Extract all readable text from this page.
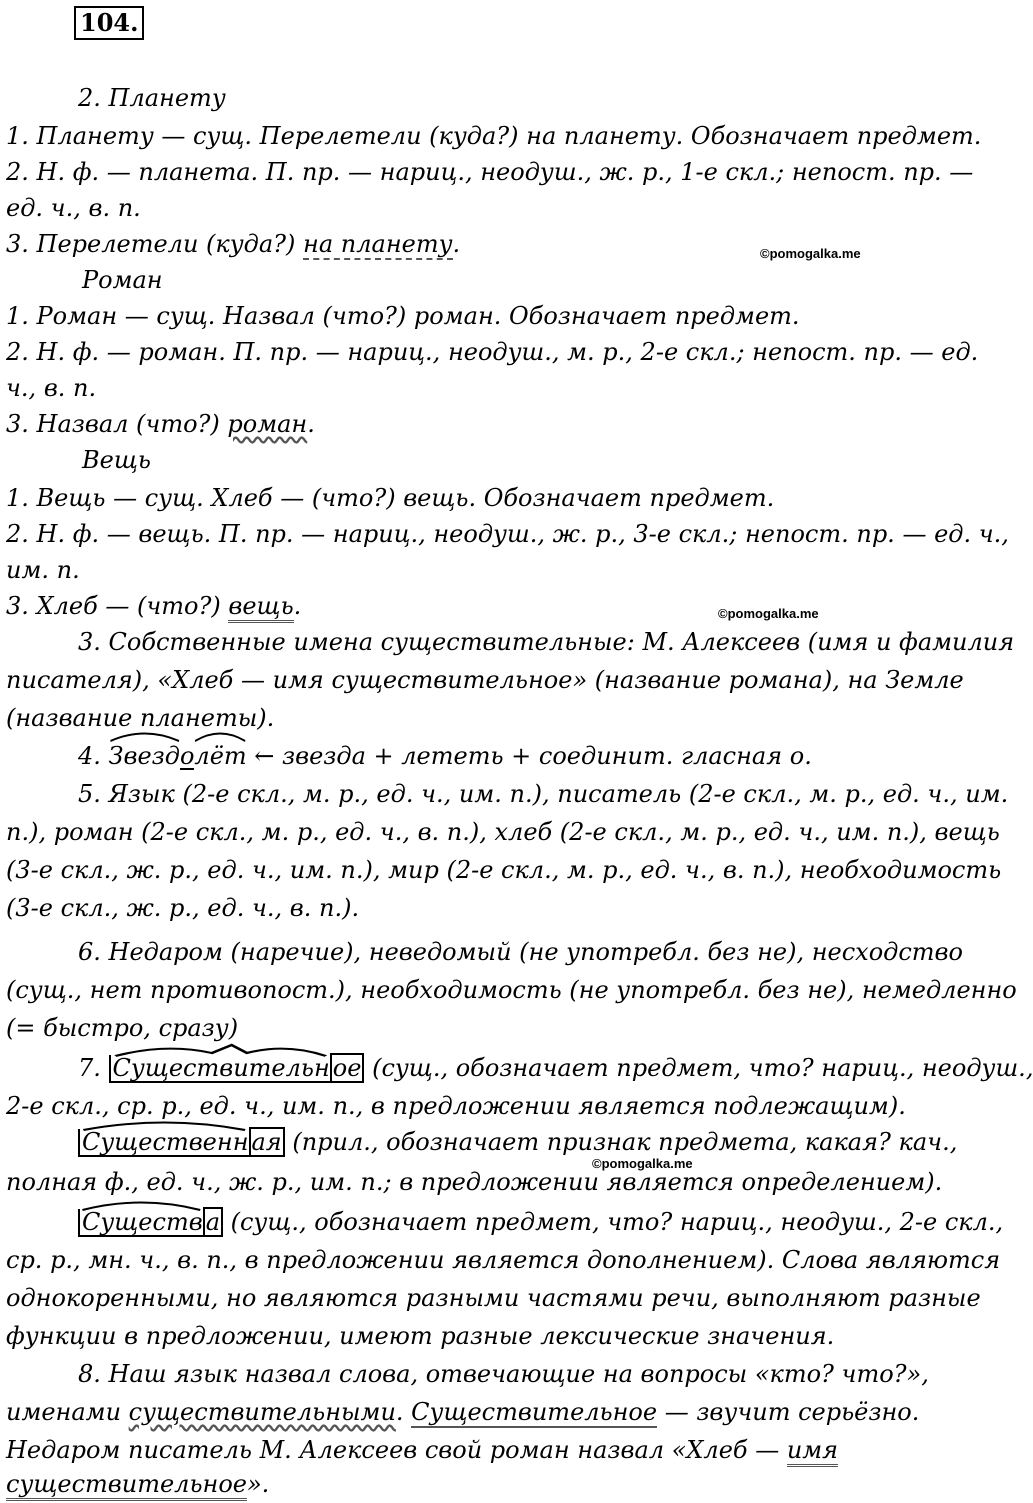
104.
2. Планету
1. Планету — сущ. Перелетели (куда?) на планету. Обозначает предмет.
2. Н. ф. — планета. П. пр. — нариц., неодуш., ж. р., 1-е скл.; непост. пр. —
ед. ч., в. п.
3. Перелетели (куда?) на планету.	©pomogalka.me
Роман
1. Роман — сущ. Назвал (что?) роман. Обозначает предмет.
2. Н. ф. — роман. П. пр. — нариц., неодуш., м. р., 2-е скл.; непост. пр. — ед.
ч., в. п.
3. Назвал (что?) роман.
Вещь
1. Вещь — сущ. Хлеб — (что?) вещь. Обозначает предмет.
2. Н. ф. — вещь. П. пр. — нариц., неодуш., ж. р., 3-е скл.; непост. пр. — ед. ч.,
им. п.
3. Хлеб — (что?) вещь.	©pomogalka.me
3. Собственные имена существительные: М. Алексеев (имя и фамилия
писателя), «Хлеб — имя существительное» (название романа), на Земле
(название планеты).
4.
Звездо
лёт ← звезда + лететь + соединит. гласная о.
5. Язык (2-е скл., м. р., ед. ч., им. п.), писатель (2-е скл., м. р., ед. ч., им.
п.), роман (2-е скл., м. р., ед. ч., в. п.), хлеб (2-е скл., м. р., ед. ч., им. п.), вещь
(3-е скл., ж. р., ед. ч., им. п.), мир (2-е скл., м. р., ед. ч., в. п.), необходимость
(3-е скл., ж. р., ед. ч., в. п.).
6. Недаром (наречие), неведомый (не употребл. без не), несходство
(сущ., нет противопост.), необходимость (не употребл. без не), немедленно
(= быстро, сразу)
7.
Существительн ое (сущ., обозначает предмет, что? нариц., неодуш.,
2-е скл., ср. р., ед. ч., им. п., в предложении является подлежащим).
Существенн ая (прил., обозначает признак предмета, какая? кач.,
©pomogalka.me
полная ф., ед. ч., ж. р., им. п.; в предложении является определением).
Существ а (сущ., обозначает предмет, что? нариц., неодуш., 2-е скл.,
ср. р., мн. ч., в. п., в предложении является дополнением). Слова являются
однокоренными, но являются разными частями речи, выполняют разные
функции в предложении, имеют разные лексические значения.
8. Наш язык назвал слова, отвечающие на вопросы «кто? что?»,
именами существительными. Существительное — звучит серьёзно.
Недаром писатель М. Алексеев свой роман назвал «Хлеб — имя
существительное».
